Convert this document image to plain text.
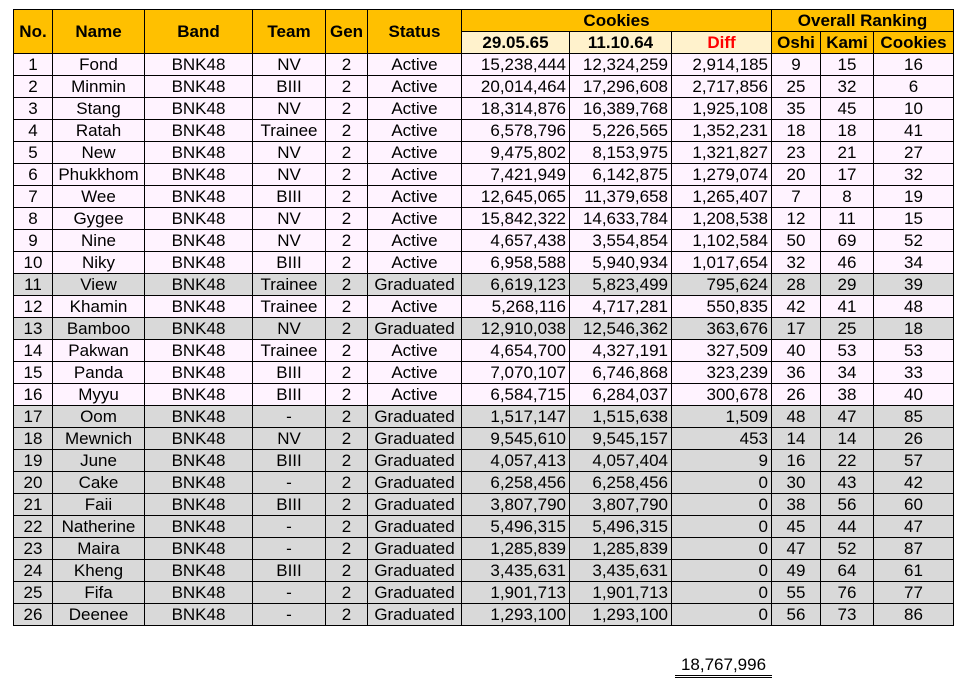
No.	Name	Band	Team	Gen	Status	Cookies			Overall Ranking		
						29.05.65	11.10.64	Diff	Oshi	Kami	Cookies
1	Fond	BNK48	NV	2	Active	15,238,444	12,324,259	2,914,185	9	15	16
2	Minmin	BNK48	BIII	2	Active	20,014,464	17,296,608	2,717,856	25	32	6
3	Stang	BNK48	NV	2	Active	18,314,876	16,389,768	1,925,108	35	45	10
4	Ratah	BNK48	Trainee	2	Active	6,578,796	5,226,565	1,352,231	18	18	41
5	New	BNK48	NV	2	Active	9,475,802	8,153,975	1,321,827	23	21	27
6	Phukkhom	BNK48	NV	2	Active	7,421,949	6,142,875	1,279,074	20	17	32
7	Wee	BNK48	BIII	2	Active	12,645,065	11,379,658	1,265,407	7	8	19
8	Gygee	BNK48	NV	2	Active	15,842,322	14,633,784	1,208,538	12	11	15
9	Nine	BNK48	NV	2	Active	4,657,438	3,554,854	1,102,584	50	69	52
10	Niky	BNK48	BIII	2	Active	6,958,588	5,940,934	1,017,654	32	46	34
11	View	BNK48	Trainee	2	Graduated	6,619,123	5,823,499	795,624	28	29	39
12	Khamin	BNK48	Trainee	2	Active	5,268,116	4,717,281	550,835	42	41	48
13	Bamboo	BNK48	NV	2	Graduated	12,910,038	12,546,362	363,676	17	25	18
14	Pakwan	BNK48	Trainee	2	Active	4,654,700	4,327,191	327,509	40	53	53
15	Panda	BNK48	BIII	2	Active	7,070,107	6,746,868	323,239	36	34	33
16	Myyu	BNK48	BIII	2	Active	6,584,715	6,284,037	300,678	26	38	40
17	Oom	BNK48	-	2	Graduated	1,517,147	1,515,638	1,509	48	47	85
18	Mewnich	BNK48	NV	2	Graduated	9,545,610	9,545,157	453	14	14	26
19	June	BNK48	BIII	2	Graduated	4,057,413	4,057,404	9	16	22	57
20	Cake	BNK48	-	2	Graduated	6,258,456	6,258,456	0	30	43	42
21	Faii	BNK48	BIII	2	Graduated	3,807,790	3,807,790	0	38	56	60
22	Natherine	BNK48	-	2	Graduated	5,496,315	5,496,315	0	45	44	47
23	Maira	BNK48	-	2	Graduated	1,285,839	1,285,839	0	47	52	87
24	Kheng	BNK48	BIII	2	Graduated	3,435,631	3,435,631	0	49	64	61
25	Fifa	BNK48	-	2	Graduated	1,901,713	1,901,713	0	55	76	77
26	Deenee	BNK48	-	2	Graduated	1,293,100	1,293,100	0	56	73	86
18,767,996
